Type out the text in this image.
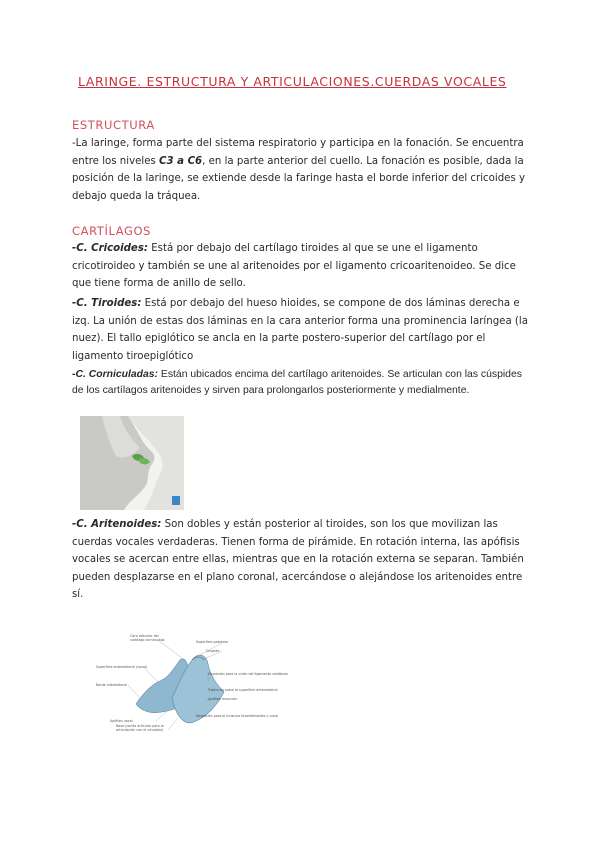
LARINGE. ESTRUCTURA Y ARTICULACIONES.CUERDAS VOCALES
ESTRUCTURA
-La laringe, forma parte del sistema respiratorio y participa en la fonación. Se encuentra entre los niveles C3 a C6, en la parte anterior del cuello. La fonación es posible, dada la posición de la laringe, se extiende desde la faringe hasta el borde inferior del cricoides y debajo queda la tráquea.
CARTÍLAGOS
-C. Cricoides: Está por debajo del cartílago tiroides al que se une el ligamento cricotiroideo y también se une al aritenoides por el ligamento cricoaritenoideo. Se dice que tiene forma de anillo de sello.
-C. Tiroides: Está por debajo del hueso hioides, se compone de dos láminas derecha e izq. La unión de estas dos láminas en la cara anterior forma una prominencia laríngea (la nuez). El tallo epiglótico se ancla en la parte postero-superior del cartílago por el ligamento tiroepiglótico
-C. Corniculadas: Están ubicados encima del cartílago aritenoides. Se articulan con las cúspides de los cartílagos aritenoides y sirven para prolongarlos posteriormente y medialmente.
-C. Aritenoides: Son dobles y están posterior al tiroides, son los que movilizan las cuerdas vocales verdaderas. Tienen forma de pirámide. En rotación interna, las apófisis vocales se acercan entre ellas, mientras que en la rotación externa se separan. También pueden desplazarse en el plano coronal, acercándose o alejándose los aritenoides entre sí.
Cara articular del
cartílago corniculado	Superficie posterior
Cúspide
Superficie anterolateral (vocal)
Borde inferolateral
Depresión para la unión del ligamento vestibular
Tubérculo sobre la superficie anterolateral
Apófisis muscular
Depresión para el músculo tiroaritenoideo y vocal
Apófisis vocal
Base (carilla articular para la
articulación con el cricoides)
